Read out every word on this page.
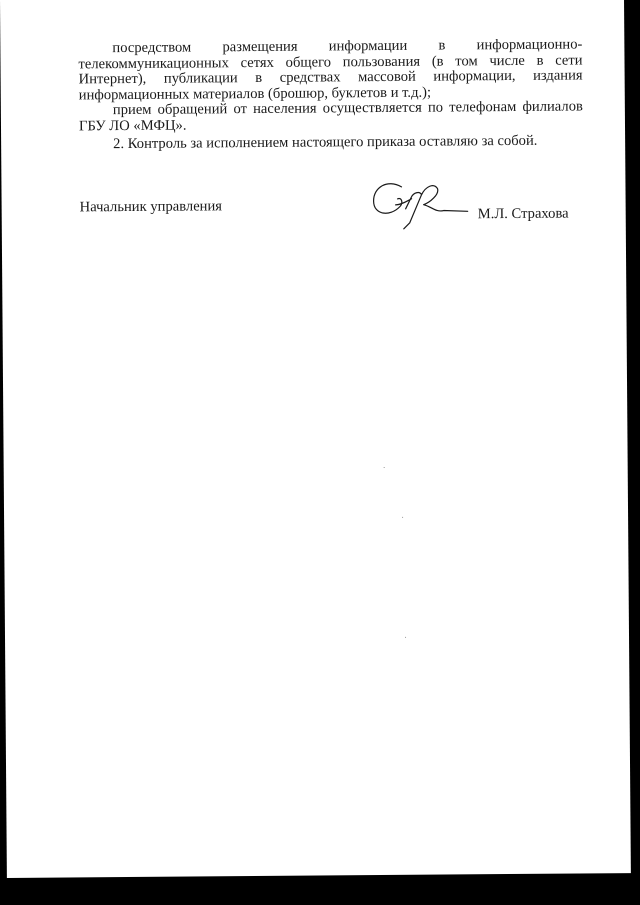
посредством размещения информации в информационно-телекоммуникационных сетях общего пользования (в том числе в сети Интернет), публикации в средствах массовой информации, издания информационных материалов (брошюр, буклетов и т.д.);

прием обращений от населения осуществляется по телефонам филиалов ГБУ ЛО «МФЦ».

2. Контроль за исполнением настоящего приказа оставляю за собой.

Начальник управления	М.Л. Страхова
